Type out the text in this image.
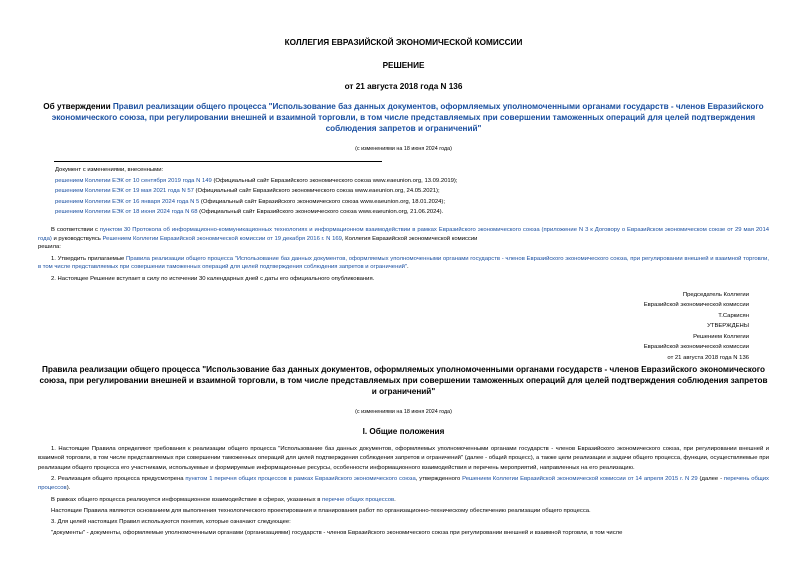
КОЛЛЕГИЯ ЕВРАЗИЙСКОЙ ЭКОНОМИЧЕСКОЙ КОМИССИИ

РЕШЕНИЕ

от 21 августа 2018 года N 136

Об утверждении Правил реализации общего процесса "Использование баз данных документов, оформляемых уполномоченными органами государств - членов Евразийского экономического союза, при регулировании внешней и взаимной торговли, в том числе представляемых при совершении таможенных операций для целей подтверждения соблюдения запретов и ограничений"

(с изменениями на 18 июня 2024 года)

Документ с изменениями, внесенными:
решением Коллегии ЕЭК от 10 сентября 2019 года N 149 (Официальный сайт Евразийского экономического союза www.eaeunion.org, 13.09.2019);
решением Коллегии ЕЭК от 19 мая 2021 года N 57 (Официальный сайт Евразийского экономического союза www.eaeunion.org, 24.05.2021);
решением Коллегии ЕЭК от 16 января 2024 года N 5 (Официальный сайт Евразийского экономического союза www.eaeunion.org, 18.01.2024);
решением Коллегии ЕЭК от 18 июня 2024 года N 68 (Официальный сайт Евразийского экономического союза www.eaeunion.org, 21.06.2024).

В соответствии с пунктом 30 Протокола об информационно-коммуникационных технологиях и информационном взаимодействии в рамках Евразийского экономического союза (приложение N 3 к Договору о Евразийском экономическом союзе от 29 мая 2014 года) и руководствуясь Решением Коллегии Евразийской экономической комиссии от 19 декабря 2016 г. N 169, Коллегия Евразийской экономической комиссии

решила:

1. Утвердить прилагаемые Правила реализации общего процесса "Использование баз данных документов, оформляемых уполномоченными органами государств - членов Евразийского экономического союза, при регулировании внешней и взаимной торговли, в том числе представляемых при совершении таможенных операций для целей подтверждения соблюдения запретов и ограничений".

2. Настоящее Решение вступает в силу по истечении 30 календарных дней с даты его официального опубликования.

Председатель Коллегии
Евразийской экономической комиссии
Т.Саркисян
УТВЕРЖДЕНЫ
Решением Коллегии
Евразийской экономической комиссии
от 21 августа 2018 года N 136

Правила реализации общего процесса "Использование баз данных документов, оформляемых уполномоченными органами государств - членов Евразийского экономического союза, при регулировании внешней и взаимной торговли, в том числе представляемых при совершении таможенных операций для целей подтверждения соблюдения запретов и ограничений"

(с изменениями на 18 июня 2024 года)

I. Общие положения

1. Настоящие Правила определяют требования к реализации общего процесса "Использование баз данных документов, оформляемых уполномоченными органами государств - членов Евразийского экономического союза, при регулировании внешней и взаимной торговли, в том числе представляемых при совершении таможенных операций для целей подтверждения соблюдения запретов и ограничений" (далее - общий процесс), а также цели реализации и задачи общего процесса, функции, осуществляемые при реализации общего процесса его участниками, используемые и формируемые информационные ресурсы, особенности информационного взаимодействия и перечень мероприятий, направленных на его реализацию.

2. Реализация общего процесса предусмотрена пунктом 1 перечня общих процессов в рамках Евразийского экономического союза, утвержденного Решением Коллегии Евразийской экономической комиссии от 14 апреля 2015 г. N 29 (далее - перечень общих процессов).

В рамках общего процесса реализуется информационное взаимодействие в сферах, указанных в перечне общих процессов.

Настоящие Правила являются основанием для выполнения технологического проектирования и планирования работ по организационно-техническому обеспечению реализации общего процесса.

3. Для целей настоящих Правил используются понятия, которые означают следующее:

"документы" - документы, оформляемые уполномоченными органами (организациями) государств - членов Евразийского экономического союза при регулировании внешней и взаимной торговли, в том числе
